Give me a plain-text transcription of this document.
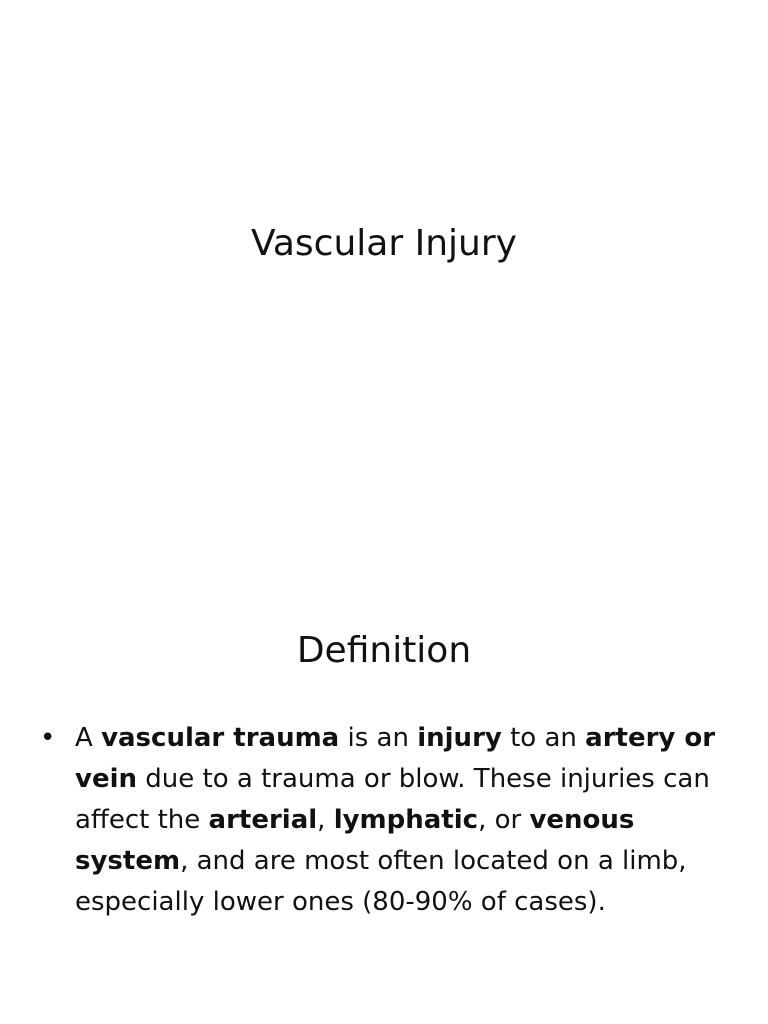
Vascular Injury
Definition
• A vascular trauma is an injury to an artery or vein due to a trauma or blow. These injuries can affect the arterial, lymphatic, or venous system, and are most often located on a limb, especially lower ones (80-90% of cases).
